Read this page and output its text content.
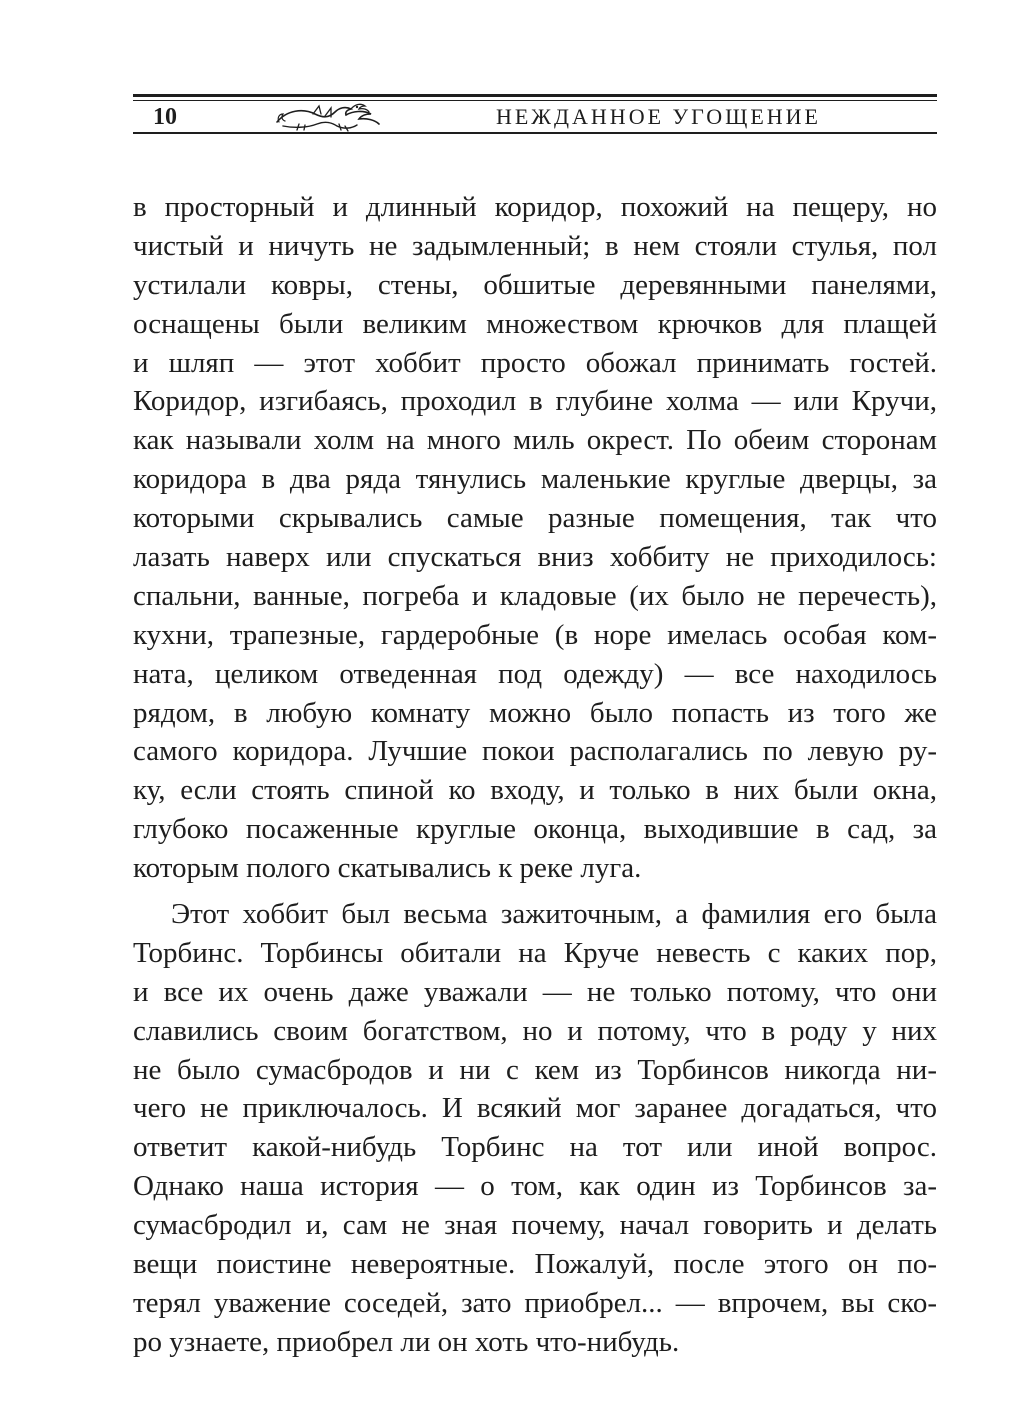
10	НЕЖДАННОЕ УГОЩЕНИЕ
в просторный и длинный коридор, похожий на пещеру, но
чистый и ничуть не задымленный; в нем стояли стулья, пол
устилали ковры, стены, обшитые деревянными панелями,
оснащены были великим множеством крючков для плащей
и шляп — этот хоббит просто обожал принимать гостей.
Коридор, изгибаясь, проходил в глубине холма — или Кручи,
как называли холм на много миль окрест. По обеим сторонам
коридора в два ряда тянулись маленькие круглые дверцы, за
которыми скрывались самые разные помещения, так что
лазать наверх или спускаться вниз хоббиту не приходилось:
спальни, ванные, погреба и кладовые (их было не перечесть),
кухни, трапезные, гардеробные (в норе имелась особая ком-
ната, целиком отведенная под одежду) — все находилось
рядом, в любую комнату можно было попасть из того же
самого коридора. Лучшие покои располагались по левую ру-
ку, если стоять спиной ко входу, и только в них были окна,
глубоко посаженные круглые оконца, выходившие в сад, за
которым полого скатывались к реке луга.
Этот хоббит был весьма зажиточным, а фамилия его была
Торбинс. Торбинсы обитали на Круче невесть с каких пор,
и все их очень даже уважали — не только потому, что они
славились своим богатством, но и потому, что в роду у них
не было сумасбродов и ни с кем из Торбинсов никогда ни-
чего не приключалось. И всякий мог заранее догадаться, что
ответит какой-нибудь Торбинс на тот или иной вопрос.
Однако наша история — о том, как один из Торбинсов за-
сумасбродил и, сам не зная почему, начал говорить и делать
вещи поистине невероятные. Пожалуй, после этого он по-
терял уважение соседей, зато приобрел... — впрочем, вы ско-
ро узнаете, приобрел ли он хоть что-нибудь.
